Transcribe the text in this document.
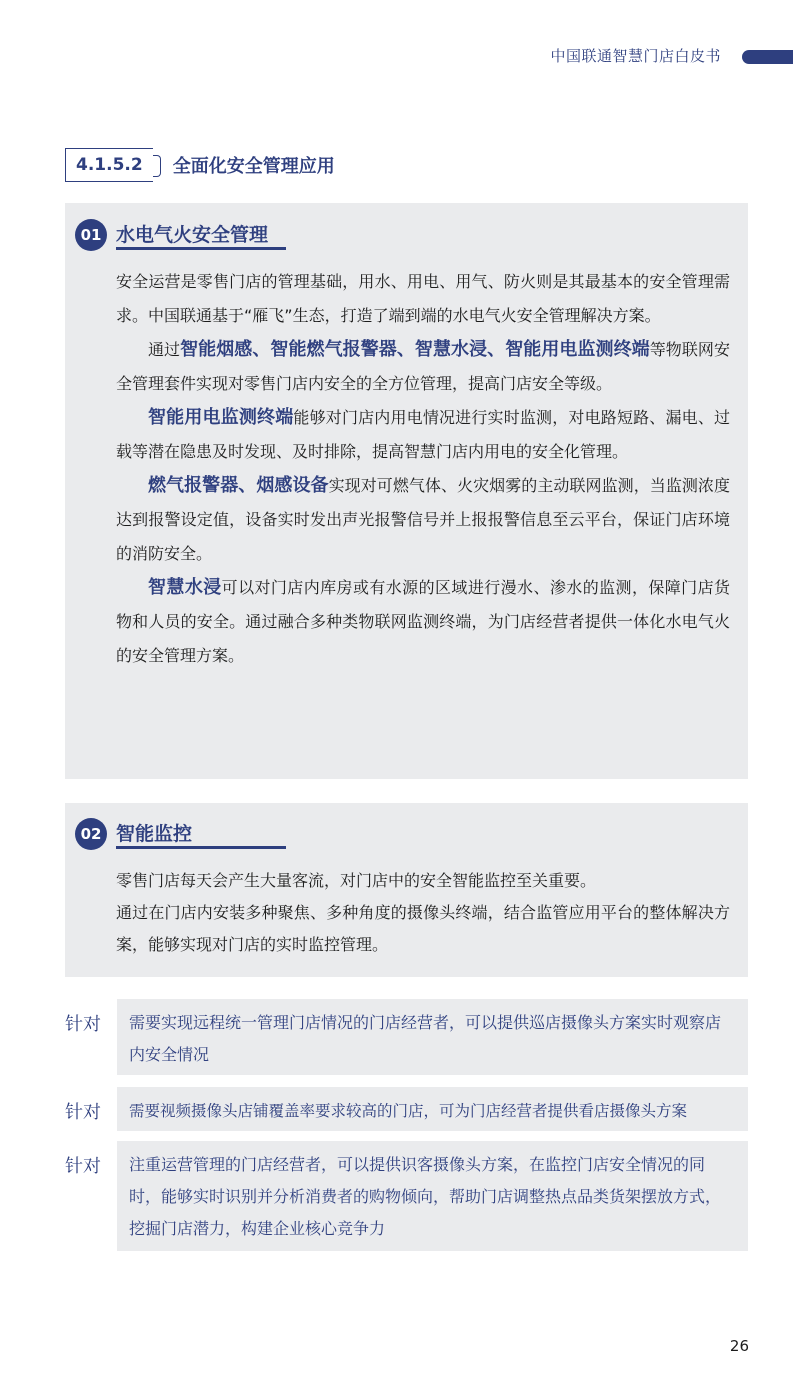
中国联通智慧门店白皮书
4.1.5.2 全面化安全管理应用
01 水电气火安全管理

安全运营是零售门店的管理基础，用水、用电、用气、防火则是其最基本的安全管理需求。中国联通基于“雁飞”生态，打造了端到端的水电气火安全管理解决方案。

通过智能烟感、智能燃气报警器、智慧水浸、智能用电监测终端等物联网安全管理套件实现对零售门店内安全的全方位管理，提高门店安全等级。

智能用电监测终端能够对门店内用电情况进行实时监测，对电路短路、漏电、过载等潜在隐患及时发现、及时排除，提高智慧门店内用电的安全化管理。

燃气报警器、烟感设备实现对可燃气体、火灾烟雾的主动联网监测，当监测浓度达到报警设定值，设备实时发出声光报警信号并上报报警信息至云平台，保证门店环境的消防安全。

智慧水浸可以对门店内库房或有水源的区域进行漫水、渗水的监测，保障门店货物和人员的安全。通过融合多种类物联网监测终端，为门店经营者提供一体化水电气火的安全管理方案。

02 智能监控

零售门店每天会产生大量客流，对门店中的安全智能监控至关重要。

通过在门店内安装多种聚焦、多种角度的摄像头终端，结合监管应用平台的整体解决方案，能够实现对门店的实时监控管理。

针对	需要实现远程统一管理门店情况的门店经营者，可以提供巡店摄像头方案实时观察店内安全情况
针对	需要视频摄像头店铺覆盖率要求较高的门店，可为门店经营者提供看店摄像头方案
针对	注重运营管理的门店经营者，可以提供识客摄像头方案，在监控门店安全情况的同时，能够实时识别并分析消费者的购物倾向，帮助门店调整热点品类货架摆放方式，挖掘门店潜力，构建企业核心竞争力
26
